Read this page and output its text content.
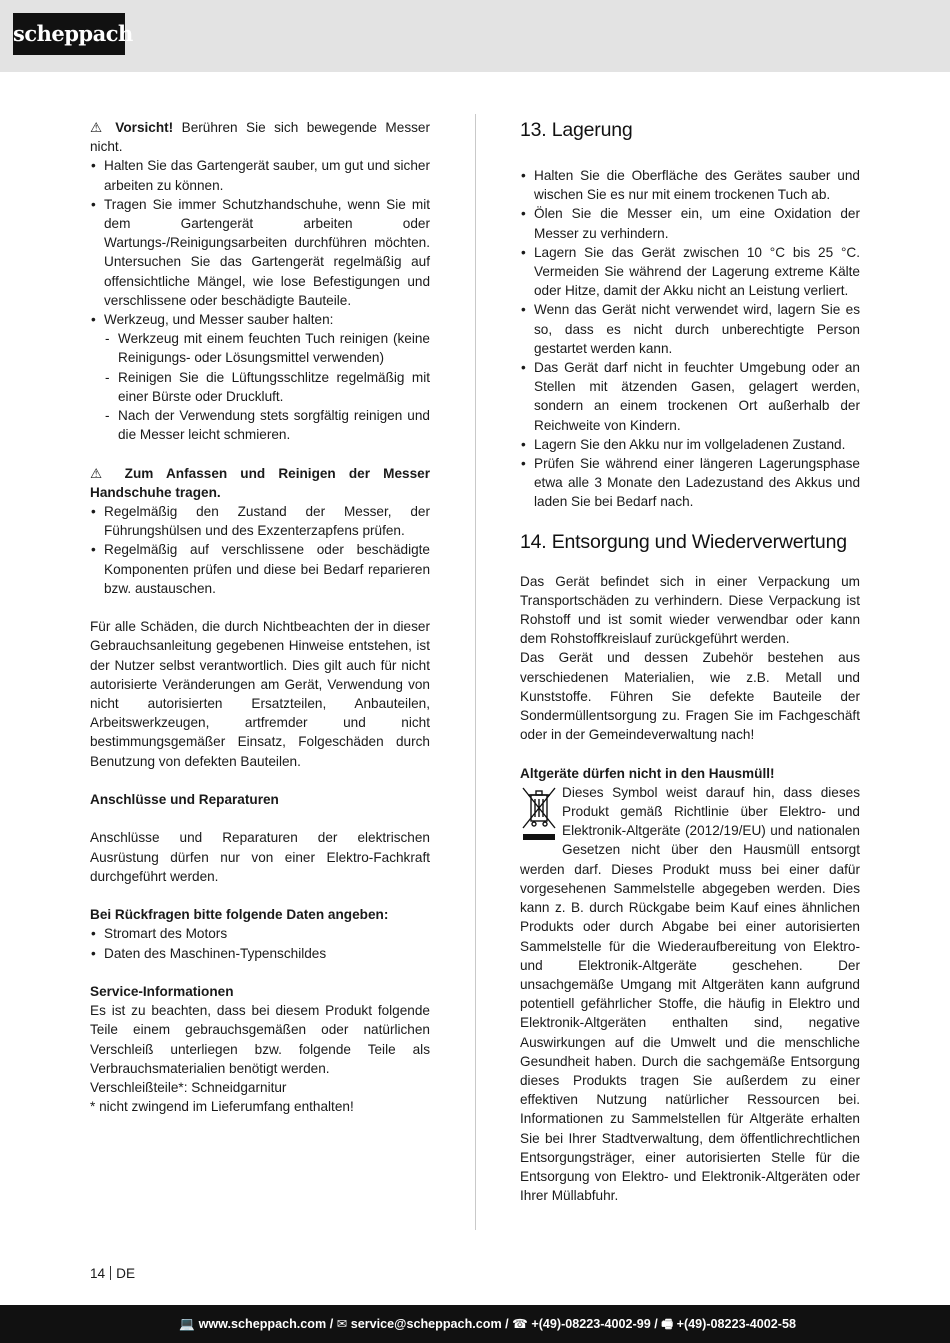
scheppach

⚠ Vorsicht! Berühren Sie sich bewegende Messer nicht.

• Halten Sie das Gartengerät sauber, um gut und sicher arbeiten zu können.
• Tragen Sie immer Schutzhandschuhe, wenn Sie mit dem Gartengerät arbeiten oder Wartungs-/Reinigungsarbeiten durchführen möchten. Untersuchen Sie das Gartengerät regelmäßig auf offensichtliche Mängel, wie lose Befestigungen und verschlissene oder beschädigte Bauteile.
• Werkzeug, und Messer sauber halten:
- Werkzeug mit einem feuchten Tuch reinigen (keine Reinigungs- oder Lösungsmittel verwenden)
- Reinigen Sie die Lüftungsschlitze regelmäßig mit einer Bürste oder Druckluft.
- Nach der Verwendung stets sorgfältig reinigen und die Messer leicht schmieren.

⚠ Zum Anfassen und Reinigen der Messer Handschuhe tragen.

• Regelmäßig den Zustand der Messer, der Führungshülsen und des Exzenterzapfens prüfen.
• Regelmäßig auf verschlissene oder beschädigte Komponenten prüfen und diese bei Bedarf reparieren bzw. austauschen.

Für alle Schäden, die durch Nichtbeachten der in dieser Gebrauchsanleitung gegebenen Hinweise entstehen, ist der Nutzer selbst verantwortlich. Dies gilt auch für nicht autorisierte Veränderungen am Gerät, Verwendung von nicht autorisierten Ersatzteilen, Anbauteilen, Arbeitswerkzeugen, artfremder und nicht bestimmungsgemäßer Einsatz, Folgeschäden durch Benutzung von defekten Bauteilen.

Anschlüsse und Reparaturen

Anschlüsse und Reparaturen der elektrischen Ausrüstung dürfen nur von einer Elektro-Fachkraft durchgeführt werden.

Bei Rückfragen bitte folgende Daten angeben:

• Stromart des Motors
• Daten des Maschinen-Typenschildes

Service-Informationen

Es ist zu beachten, dass bei diesem Produkt folgende Teile einem gebrauchsgemäßen oder natürlichen Verschleiß unterliegen bzw. folgende Teile als Verbrauchsmaterialien benötigt werden.

Verschleißteile*: Schneidgarnitur

* nicht zwingend im Lieferumfang enthalten!

13. Lagerung
• Halten Sie die Oberfläche des Gerätes sauber und wischen Sie es nur mit einem trockenen Tuch ab.
• Ölen Sie die Messer ein, um eine Oxidation der Messer zu verhindern.
• Lagern Sie das Gerät zwischen 10 °C bis 25 °C. Vermeiden Sie während der Lagerung extreme Kälte oder Hitze, damit der Akku nicht an Leistung verliert.
• Wenn das Gerät nicht verwendet wird, lagern Sie es so, dass es nicht durch unberechtigte Person gestartet werden kann.
• Das Gerät darf nicht in feuchter Umgebung oder an Stellen mit ätzenden Gasen, gelagert werden, sondern an einem trockenen Ort außerhalb der Reichweite von Kindern.
• Lagern Sie den Akku nur im vollgeladenen Zustand.
• Prüfen Sie während einer längeren Lagerungsphase etwa alle 3 Monate den Ladezustand des Akkus und laden Sie bei Bedarf nach.
14. Entsorgung und Wiederverwertung

Das Gerät befindet sich in einer Verpackung um Transportschäden zu verhindern. Diese Verpackung ist Rohstoff und ist somit wieder verwendbar oder kann dem Rohstoffkreislauf zurückgeführt werden.

Das Gerät und dessen Zubehör bestehen aus verschiedenen Materialien, wie z.B. Metall und Kunststoffe. Führen Sie defekte Bauteile der Sondermüllentsorgung zu. Fragen Sie im Fachgeschäft oder in der Gemeindeverwaltung nach!

Altgeräte dürfen nicht in den Hausmüll!

Dieses Symbol weist darauf hin, dass dieses Produkt gemäß Richtlinie über Elektro- und Elektronik-Altgeräte (2012/19/EU) und nationalen Gesetzen nicht über den Hausmüll entsorgt werden darf. Dieses Produkt muss bei einer dafür vorgesehenen Sammelstelle abgegeben werden. Dies kann z. B. durch Rückgabe beim Kauf eines ähnlichen Produkts oder durch Abgabe bei einer autorisierten Sammelstelle für die Wiederaufbereitung von Elektro- und Elektronik-Altgeräte geschehen. Der unsachgemäße Umgang mit Altgeräten kann aufgrund potentiell gefährlicher Stoffe, die häufig in Elektro und Elektronik-Altgeräten enthalten sind, negative Auswirkungen auf die Umwelt und die menschliche Gesundheit haben. Durch die sachgemäße Entsorgung dieses Produkts tragen Sie außerdem zu einer effektiven Nutzung natürlicher Ressourcen bei. Informationen zu Sammelstellen für Altgeräte erhalten Sie bei Ihrer Stadtverwaltung, dem öffentlichrechtlichen Entsorgungsträger, einer autorisierten Stelle für die Entsorgung von Elektro- und Elektronik-Altgeräten oder Ihrer Müllabfuhr.

14 DE
💻 www.scheppach.com / ✉ service@scheppach.com / ☎ +(49)-08223-4002-99 / 🖷 +(49)-08223-4002-58
